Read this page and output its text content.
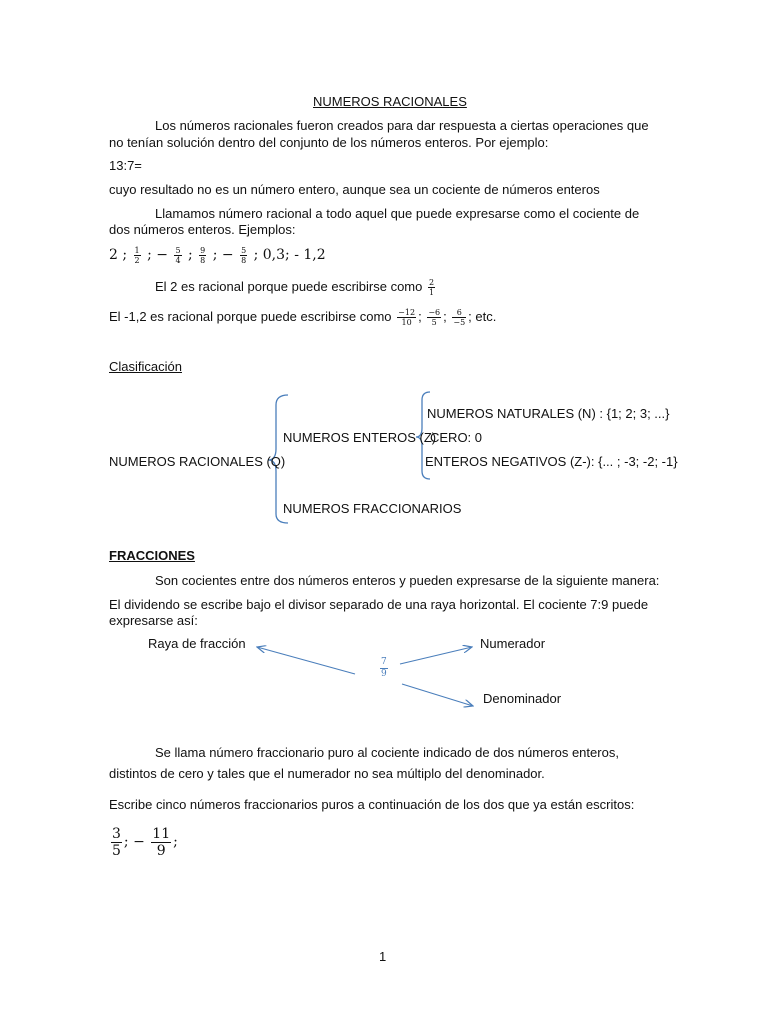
NUMEROS RACIONALES
Los números racionales fueron creados para dar respuesta a ciertas operaciones que
no tenían solución dentro del conjunto de los números enteros. Por ejemplo:
13:7=
cuyo resultado no es un número entero, aunque sea un cociente de números enteros
Llamamos número racional a todo aquel que puede expresarse como el cociente de
dos números enteros. Ejemplos:
2 ; $\frac{1}{2}$ ; − $\frac{5}{4}$ ; $\frac{9}{8}$ ; − $\frac{5}{8}$ ; 0,3; - 1,2
El 2 es racional porque puede escribirse como $\frac{2}{1}$
El -1,2 es racional porque puede escribirse como $\frac{-12}{10}$ ; $\frac{-6}{5}$ ; $\frac{6}{-5}$ ; etc.
Clasificación
NUMEROS RACIONALES (Q)
NUMEROS ENTEROS (Z)
NUMEROS NATURALES (N) : {1; 2; 3; ...}
CERO: 0
ENTEROS NEGATIVOS (Z-): {... ; -3; -2; -1}
NUMEROS FRACCIONARIOS
FRACCIONES
Son cocientes entre dos números enteros y pueden expresarse de la siguiente manera:
El dividendo se escribe bajo el divisor separado de una raya horizontal. El cociente 7:9 puede
expresarse así:
Raya de fracción	Numerador
Denominador
$\frac{7}{9}$
Se llama número fraccionario puro al cociente indicado de dos números enteros,
distintos de cero y tales que el numerador no sea múltiplo del denominador.
Escribe cinco números fraccionarios puros a continuación de los dos que ya están escritos:
$\frac{3}{5}$ ; − $\frac{11}{9}$ ;
1
